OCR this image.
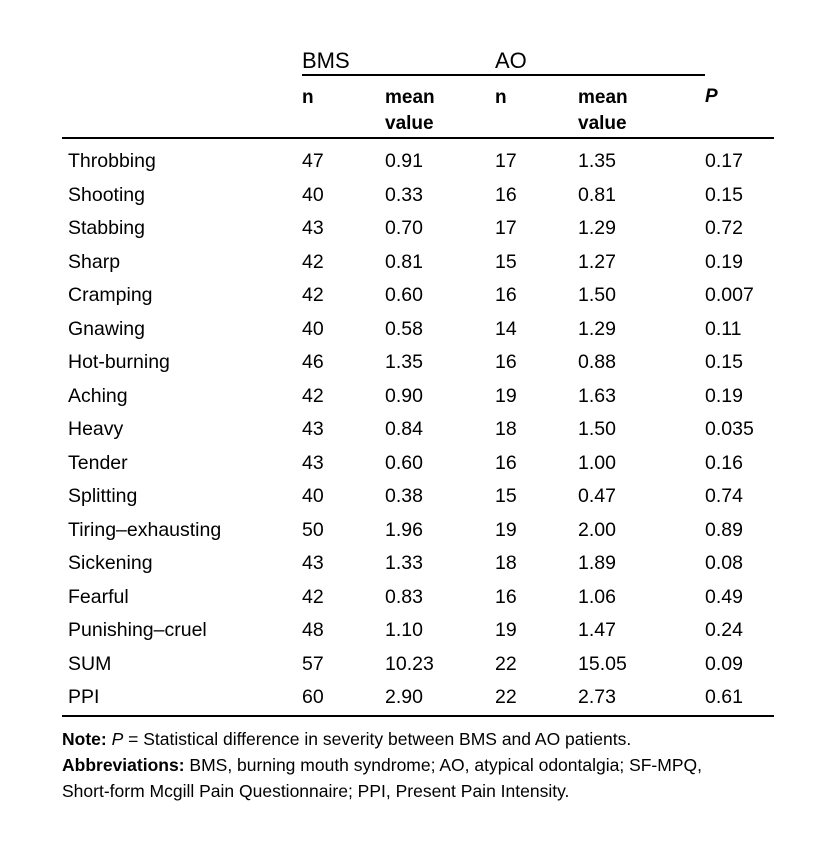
	BMS		AO		
	n	mean
value
	n	mean
value
	P

Throbbing	47	0.91	17	1.35	0.17
Shooting	40	0.33	16	0.81	0.15
Stabbing	43	0.70	17	1.29	0.72
Sharp	42	0.81	15	1.27	0.19
Cramping	42	0.60	16	1.50	0.007
Gnawing	40	0.58	14	1.29	0.11
Hot-burning	46	1.35	16	0.88	0.15
Aching	42	0.90	19	1.63	0.19
Heavy	43	0.84	18	1.50	0.035
Tender	43	0.60	16	1.00	0.16
Splitting	40	0.38	15	0.47	0.74
Tiring–exhausting	50	1.96	19	2.00	0.89
Sickening	43	1.33	18	1.89	0.08
Fearful	42	0.83	16	1.06	0.49
Punishing–cruel	48	1.10	19	1.47	0.24
SUM	57	10.23	22	15.05	0.09
PPI	60	2.90	22	2.73	0.61

Note: P = Statistical difference in severity between BMS and AO patients.

Abbreviations: BMS, burning mouth syndrome; AO, atypical odontalgia; SF-MPQ,

Short-form Mcgill Pain Questionnaire; PPI, Present Pain Intensity.
